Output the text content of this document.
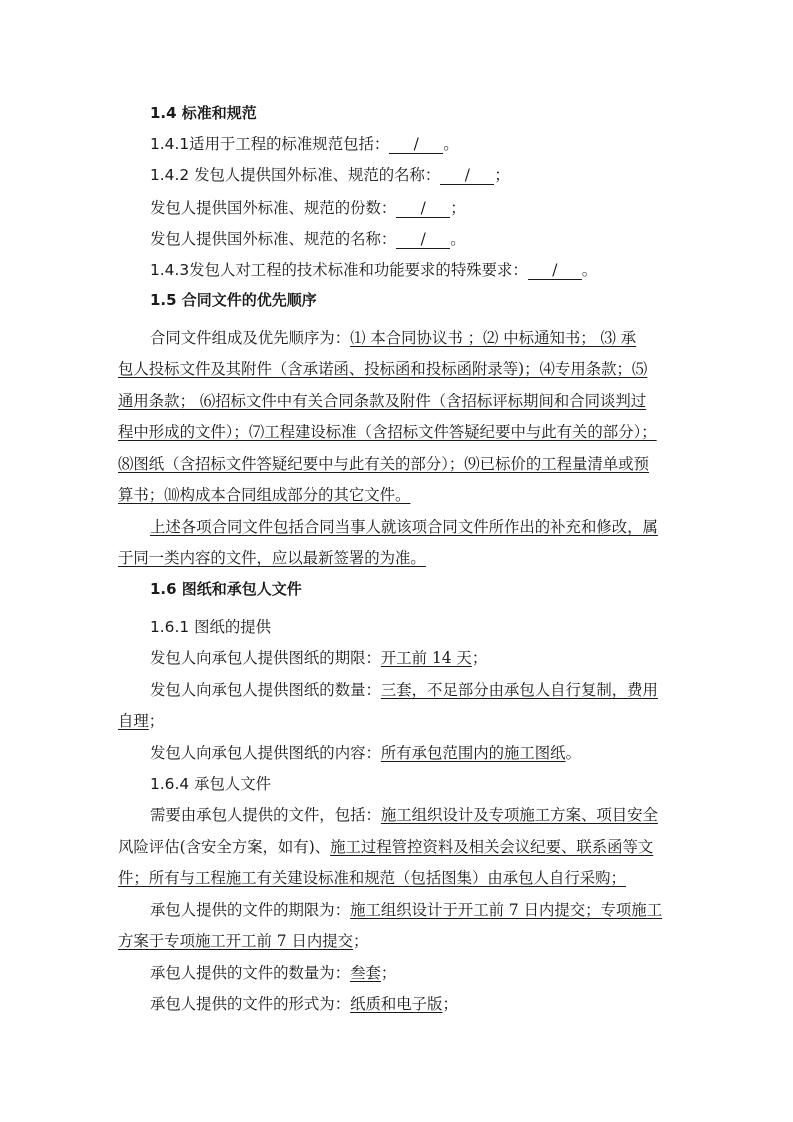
1.4 标准和规范
1.4.1适用于工程的标准规范包括： / 。
1.4.2 发包人提供国外标准、规范的名称： / ；
发包人提供国外标准、规范的份数： / ；
发包人提供国外标准、规范的名称： / 。
1.4.3发包人对工程的技术标准和功能要求的特殊要求： / 。
1.5 合同文件的优先顺序
合同文件组成及优先顺序为：⑴ 本合同协议书 ；⑵ 中标通知书； ⑶ 承
包人投标文件及其附件（含承诺函、投标函和投标函附录等)；⑷专用条款；⑸
通用条款； ⑹招标文件中有关合同条款及附件（含招标评标期间和合同谈判过
程中形成的文件）；⑺工程建设标准（含招标文件答疑纪要中与此有关的部分）；
⑻图纸（含招标文件答疑纪要中与此有关的部分）；⑼已标价的工程量清单或预
算书；⑽构成本合同组成部分的其它文件。
上述各项合同文件包括合同当事人就该项合同文件所作出的补充和修改，属
于同一类内容的文件，应以最新签署的为准。
1.6 图纸和承包人文件
1.6.1 图纸的提供
发包人向承包人提供图纸的期限：开工前 14 天；
发包人向承包人提供图纸的数量：三套，不足部分由承包人自行复制，费用
自理；
发包人向承包人提供图纸的内容：所有承包范围内的施工图纸。
1.6.4 承包人文件
需要由承包人提供的文件，包括：施工组织设计及专项施工方案、项目安全
风险评估(含安全方案，如有)、施工过程管控资料及相关会议纪要、联系函等文
件；所有与工程施工有关建设标准和规范（包括图集）由承包人自行采购；
承包人提供的文件的期限为：施工组织设计于开工前 7 日内提交；专项施工
方案于专项施工开工前 7 日内提交；
承包人提供的文件的数量为：叁套；
承包人提供的文件的形式为：纸质和电子版；
